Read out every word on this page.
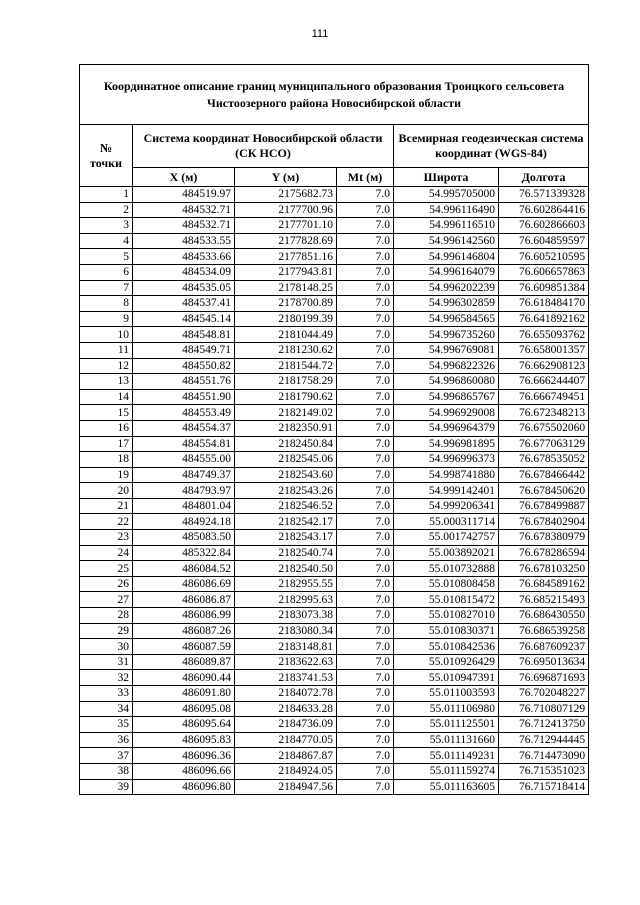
111
Координатное описание границ муниципального образования Троицкого сельсовета Чистоозерного района Новосибирской области					
№ точки	Система координат Новосибирской области (СК НСО)			Всемирная геодезическая система координат (WGS-84)	
	X (м)	Y (м)	Mt (м)	Широта	Долгота
1	484519.97	2175682.73	7.0	54.995705000	76.571339328
2	484532.71	2177700.96	7.0	54.996116490	76.602864416
3	484532.71	2177701.10	7.0	54.996116510	76.602866603
4	484533.55	2177828.69	7.0	54.996142560	76.604859597
5	484533.66	2177851.16	7.0	54.996146804	76.605210595
6	484534.09	2177943.81	7.0	54.996164079	76.606657863
7	484535.05	2178148.25	7.0	54.996202239	76.609851384
8	484537.41	2178700.89	7.0	54.996302859	76.618484170
9	484545.14	2180199.39	7.0	54.996584565	76.641892162
10	484548.81	2181044.49	7.0	54.996735260	76.655093762
11	484549.71	2181230.62	7.0	54.996769081	76.658001357
12	484550.82	2181544.72	7.0	54.996822326	76.662908123
13	484551.76	2181758.29	7.0	54.996860080	76.666244407
14	484551.90	2181790.62	7.0	54.996865767	76.666749451
15	484553.49	2182149.02	7.0	54.996929008	76.672348213
16	484554.37	2182350.91	7.0	54.996964379	76.675502060
17	484554.81	2182450.84	7.0	54.996981895	76.677063129
18	484555.00	2182545.06	7.0	54.996996373	76.678535052
19	484749.37	2182543.60	7.0	54.998741880	76.678466442
20	484793.97	2182543.26	7.0	54.999142401	76.678450620
21	484801.04	2182546.52	7.0	54.999206341	76.678499887
22	484924.18	2182542.17	7.0	55.000311714	76.678402904
23	485083.50	2182543.17	7.0	55.001742757	76.678380979
24	485322.84	2182540.74	7.0	55.003892021	76.678286594
25	486084.52	2182540.50	7.0	55.010732888	76.678103250
26	486086.69	2182955.55	7.0	55.010808458	76.684589162
27	486086.87	2182995.63	7.0	55.010815472	76.685215493
28	486086.99	2183073.38	7.0	55.010827010	76.686430550
29	486087.26	2183080.34	7.0	55.010830371	76.686539258
30	486087.59	2183148.81	7.0	55.010842536	76.687609237
31	486089.87	2183622.63	7.0	55.010926429	76.695013634
32	486090.44	2183741.53	7.0	55.010947391	76.696871693
33	486091.80	2184072.78	7.0	55.011003593	76.702048227
34	486095.08	2184633.28	7.0	55.011106980	76.710807129
35	486095.64	2184736.09	7.0	55.011125501	76.712413750
36	486095.83	2184770.05	7.0	55.011131660	76.712944445
37	486096.36	2184867.87	7.0	55.011149231	76.714473090
38	486096.66	2184924.05	7.0	55.011159274	76.715351023
39	486096.80	2184947.56	7.0	55.011163605	76.715718414
